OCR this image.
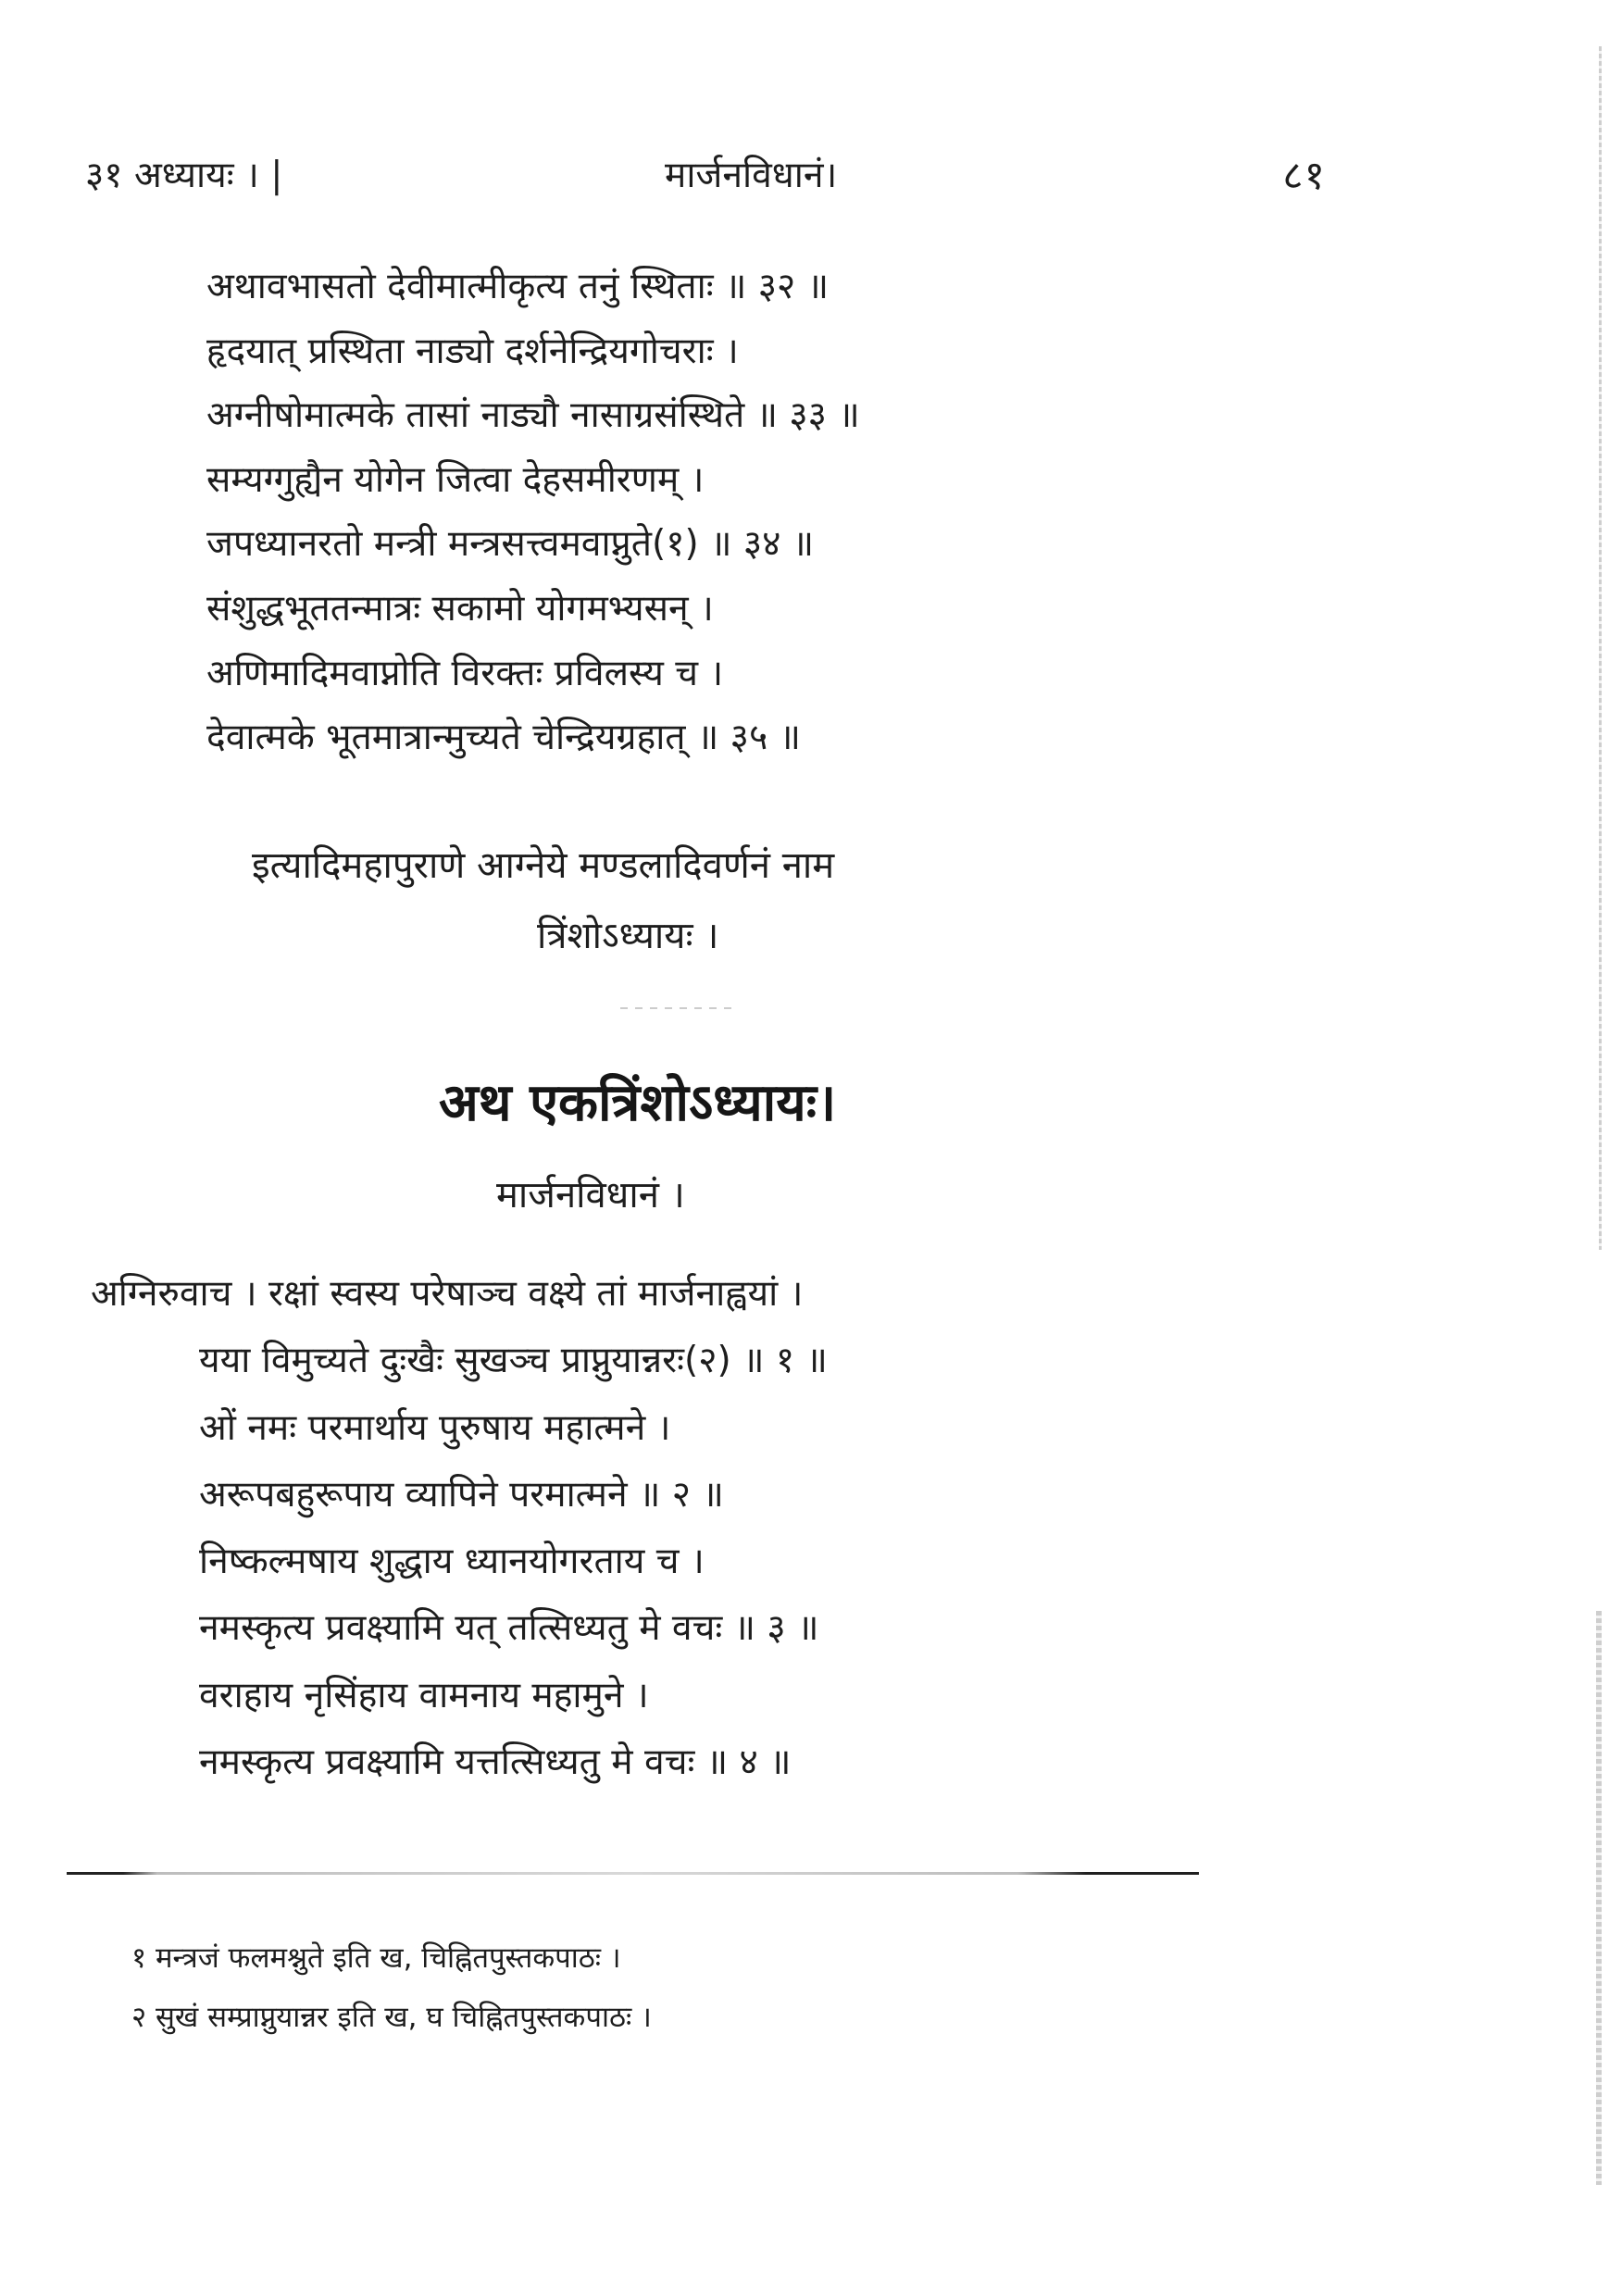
३१ अध्यायः । |	मार्जनविधानं।	८१
अथावभासतो देवीमात्मीकृत्य तनुं स्थिताः ॥ ३२ ॥
हृदयात् प्रस्थिता नाड्यो दर्शनेन्द्रियगोचराः ।
अग्नीषोमात्मके तासां नाड्यौ नासाग्रसंस्थिते ॥ ३३ ॥
सम्यग्गुह्यैन योगेन जित्वा देहसमीरणम् ।
जपध्यानरतो मन्त्री मन्त्रसत्त्वमवाप्नुते(१) ॥ ३४ ॥
संशुद्धभूततन्मात्रः सकामो योगमभ्यसन् ।
अणिमादिमवाप्नोति विरक्तः प्रविलस्य च ।
देवात्मके भूतमात्रान्मुच्यते चेन्द्रियग्रहात् ॥ ३५ ॥
इत्यादिमहापुराणे आग्नेये मण्डलादिवर्णनं नाम
त्रिंशोऽध्यायः ।
अथ एकत्रिंशोऽध्यायः।
मार्जनविधानं ।
अग्निरुवाच । रक्षां स्वस्य परेषाञ्च वक्ष्ये तां मार्जनाह्वयां ।
यया विमुच्यते दुःखैः सुखञ्च प्राप्नुयान्नरः(२) ॥ १ ॥
ओं नमः परमार्थाय पुरुषाय महात्मने ।
अरूपबहुरूपाय व्यापिने परमात्मने ॥ २ ॥
निष्कल्मषाय शुद्धाय ध्यानयोगरताय च ।
नमस्कृत्य प्रवक्ष्यामि यत् तत्सिध्यतु मे वचः ॥ ३ ॥
वराहाय नृसिंहाय वामनाय महामुने ।
नमस्कृत्य प्रवक्ष्यामि यत्तत्सिध्यतु मे वचः ॥ ४ ॥
१ मन्त्रजं फलमश्नुते इति ख, चिह्नितपुस्तकपाठः ।
२ सुखं सम्प्राप्नुयान्नर इति ख, घ चिह्नितपुस्तकपाठः ।
